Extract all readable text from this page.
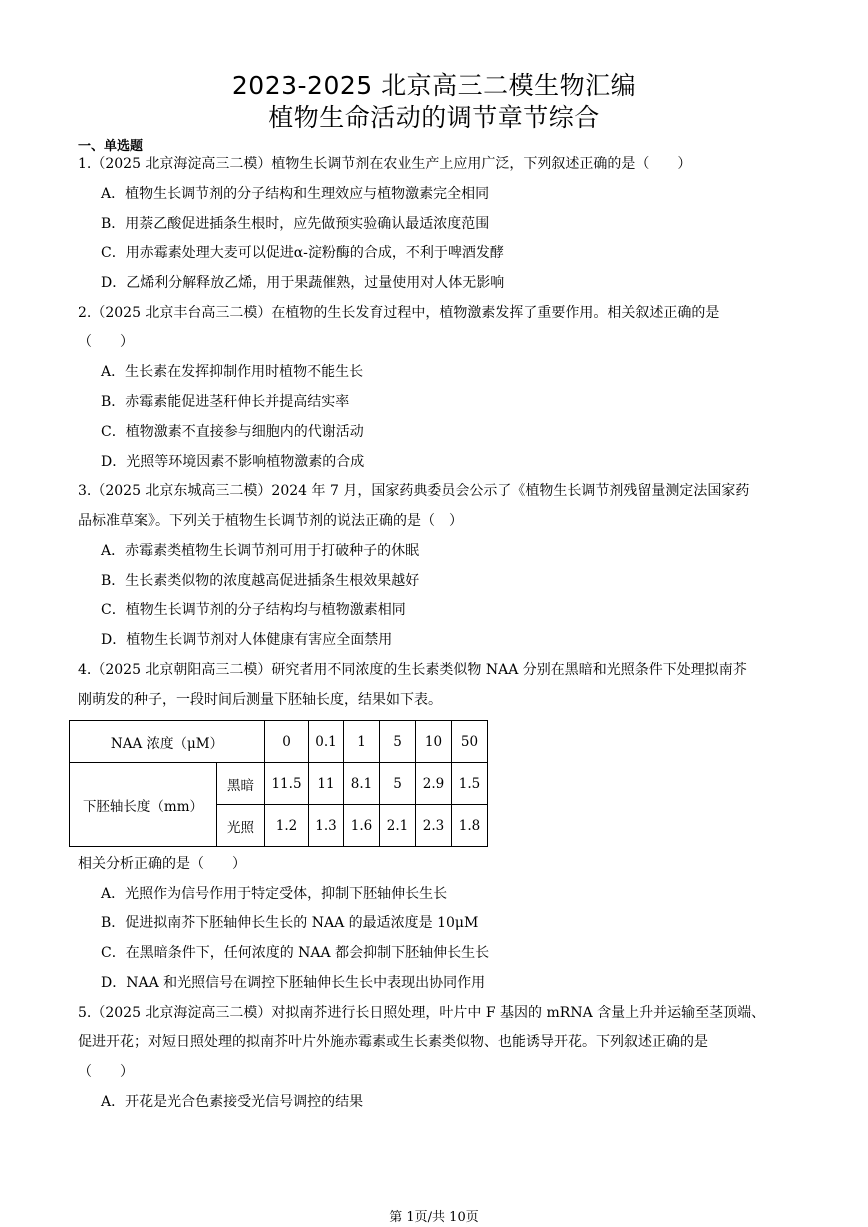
2023-2025 北京高三二模生物汇编
植物生命活动的调节章节综合
一、单选题
1.（2025 北京海淀高三二模）植物生长调节剂在农业生产上应用广泛，下列叙述正确的是（　　）
A．植物生长调节剂的分子结构和生理效应与植物激素完全相同
B．用萘乙酸促进插条生根时，应先做预实验确认最适浓度范围
C．用赤霉素处理大麦可以促进α-淀粉酶的合成，不利于啤酒发酵
D．乙烯利分解释放乙烯，用于果蔬催熟，过量使用对人体无影响
2.（2025 北京丰台高三二模）在植物的生长发育过程中，植物激素发挥了重要作用。相关叙述正确的是
（　　）
A．生长素在发挥抑制作用时植物不能生长
B．赤霉素能促进茎秆伸长并提高结实率
C．植物激素不直接参与细胞内的代谢活动
D．光照等环境因素不影响植物激素的合成
3.（2025 北京东城高三二模）2024 年 7 月，国家药典委员会公示了《植物生长调节剂残留量测定法国家药
品标准草案》。下列关于植物生长调节剂的说法正确的是（　）
A．赤霉素类植物生长调节剂可用于打破种子的休眠
B．生长素类似物的浓度越高促进插条生根效果越好
C．植物生长调节剂的分子结构均与植物激素相同
D．植物生长调节剂对人体健康有害应全面禁用
4.（2025 北京朝阳高三二模）研究者用不同浓度的生长素类似物 NAA 分别在黑暗和光照条件下处理拟南芥
刚萌发的种子，一段时间后测量下胚轴长度，结果如下表。
NAA 浓度（μM）		0	0.1	1	5	10	50
下胚轴长度（mm）	黑暗	11.5	11	8.1	5	2.9	1.5
	光照	1.2	1.3	1.6	2.1	2.3	1.8
相关分析正确的是（　　）
A．光照作为信号作用于特定受体，抑制下胚轴伸长生长
B．促进拟南芥下胚轴伸长生长的 NAA 的最适浓度是 10μM
C．在黑暗条件下，任何浓度的 NAA 都会抑制下胚轴伸长生长
D．NAA 和光照信号在调控下胚轴伸长生长中表现出协同作用
5.（2025 北京海淀高三二模）对拟南芥进行长日照处理，叶片中 F 基因的 mRNA 含量上升并运输至茎顶端、
促进开花；对短日照处理的拟南芥叶片外施赤霉素或生长素类似物、也能诱导开花。下列叙述正确的是
（　　）
A．开花是光合色素接受光信号调控的结果
第 1页/共 10页
